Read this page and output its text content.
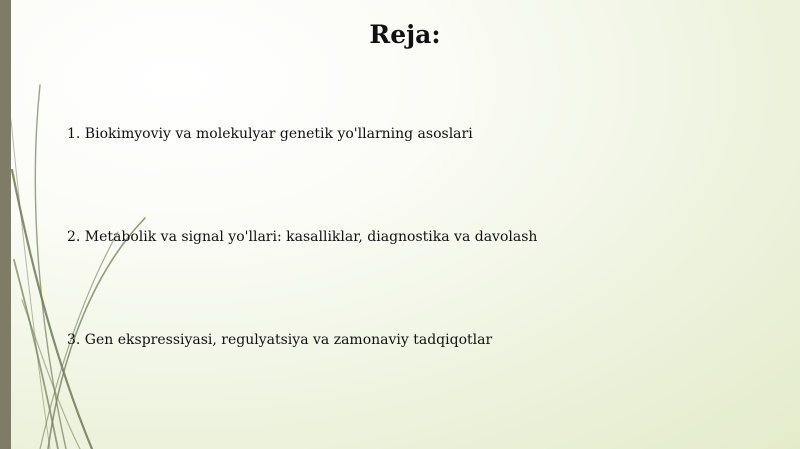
Reja:

1. Biokimyoviy va molekulyar genetik yo'llarning asoslari

2. Metabolik va signal yo'llari: kasalliklar, diagnostika va davolash

3. Gen ekspressiyasi, regulyatsiya va zamonaviy tadqiqotlar
